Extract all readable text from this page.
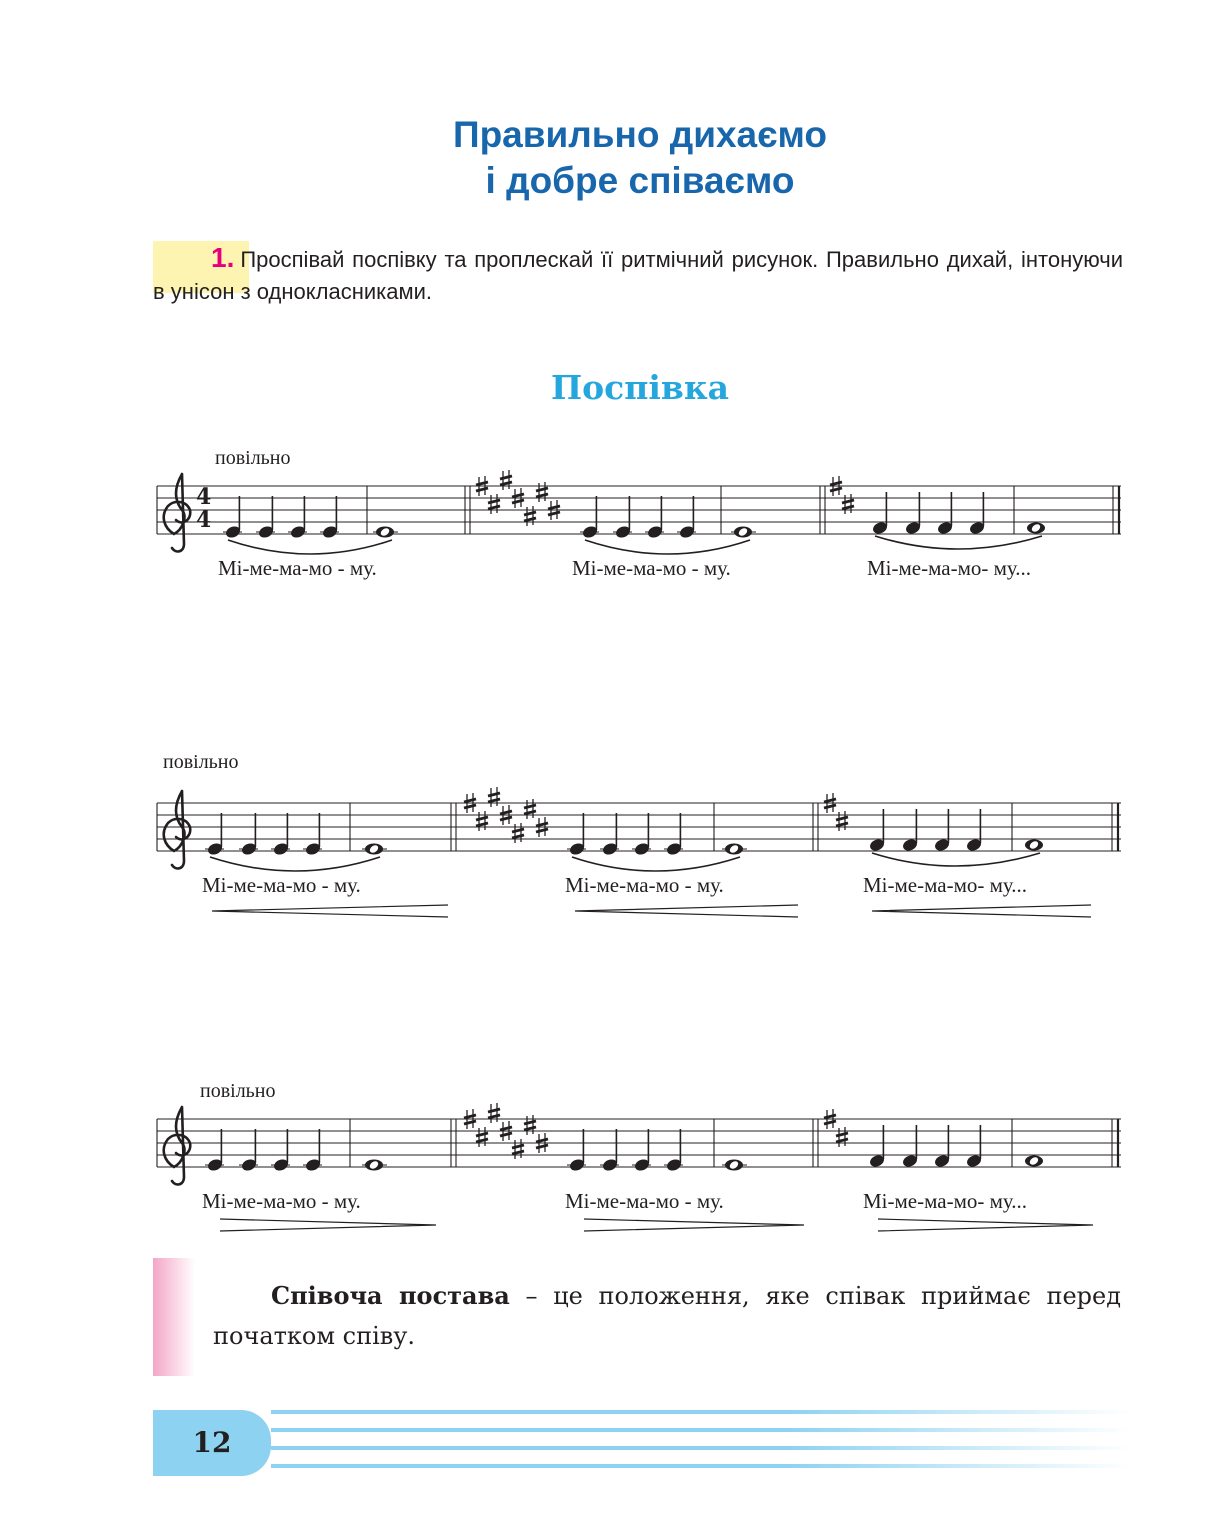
Правильно дихаємо
і добре співаємо
1. Проспівай поспівку та проплескай її ритмічний рисунок. Правильно дихай, інтонуючи в унісон з однокласниками.
Поспівка
повільно
повільно
повільно
Мі-ме-ма-мо - му.	Мі-ме-ма-мо - му.	Мі-ме-ма-мо- му...
Мі-ме-ма-мо - му.	Мі-ме-ма-мо - му.	Мі-ме-ма-мо- му...
Мі-ме-ма-мо - му.	Мі-ме-ма-мо - му.	Мі-ме-ма-мо- му...
4
4
Співоча постава – це положення, яке співак приймає перед початком співу.
12
